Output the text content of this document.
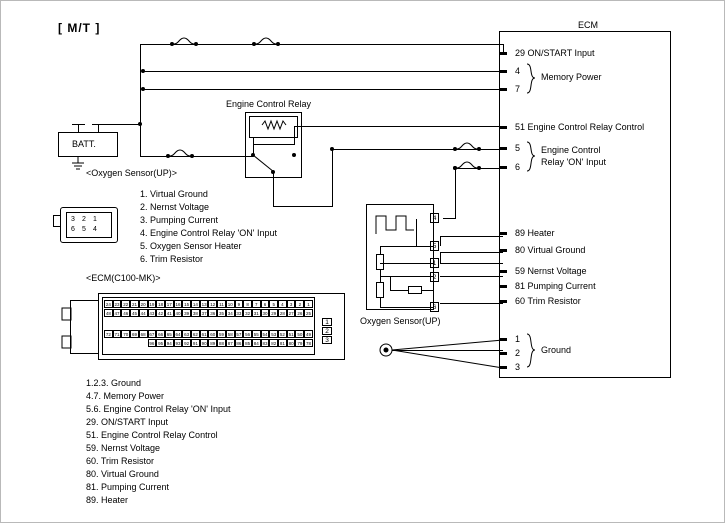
[ M/T ]	ECM
29 ON/START Input
4
7
51 Engine Control Relay Control
5
6
89 Heater
80 Virtual Ground
59 Nernst Voltage
81 Pumping Current
60 Trim Resistor
1
2
3
Memory Power
Engine Control
Relay 'ON' Input
Ground
BATT.
Engine Control Relay
Oxygen Sensor(UP)
4
5
1
2
6
<Oxygen Sensor(UP)>
3 2 1
6 5 4
1. Virtual Ground
2. Nernst Voltage
3. Pumping Current
4. Engine Control Relay 'ON' Input
5. Oxygen Sensor Heater
6. Trim Resistor
<ECM(C100-MK)>
24 23 22 21 20 19 18 17 16 15 14 13 12 11 10	9	8	7	6	5	4	3	2	1
48 47 46 45 44 43 42 41 40 39 38 37 36 35 34 33 32 31 30 29 28 27 26 25
72 71 70 69 68 67 66 65 64 63 62 61 60 59 58 57 56 55 54 53 52 51 50 49
96 95 94 93 92 91 90 89 88 87 86 85 84 83 82 81 80 79 78
1
2
3
1.2.3. Ground
4.7. Memory Power
5.6. Engine Control Relay 'ON' Input
29. ON/START Input
51. Engine Control Relay Control
59. Nernst Voltage
60. Trim Resistor
80. Virtual Ground
81. Pumping Current
89. Heater
